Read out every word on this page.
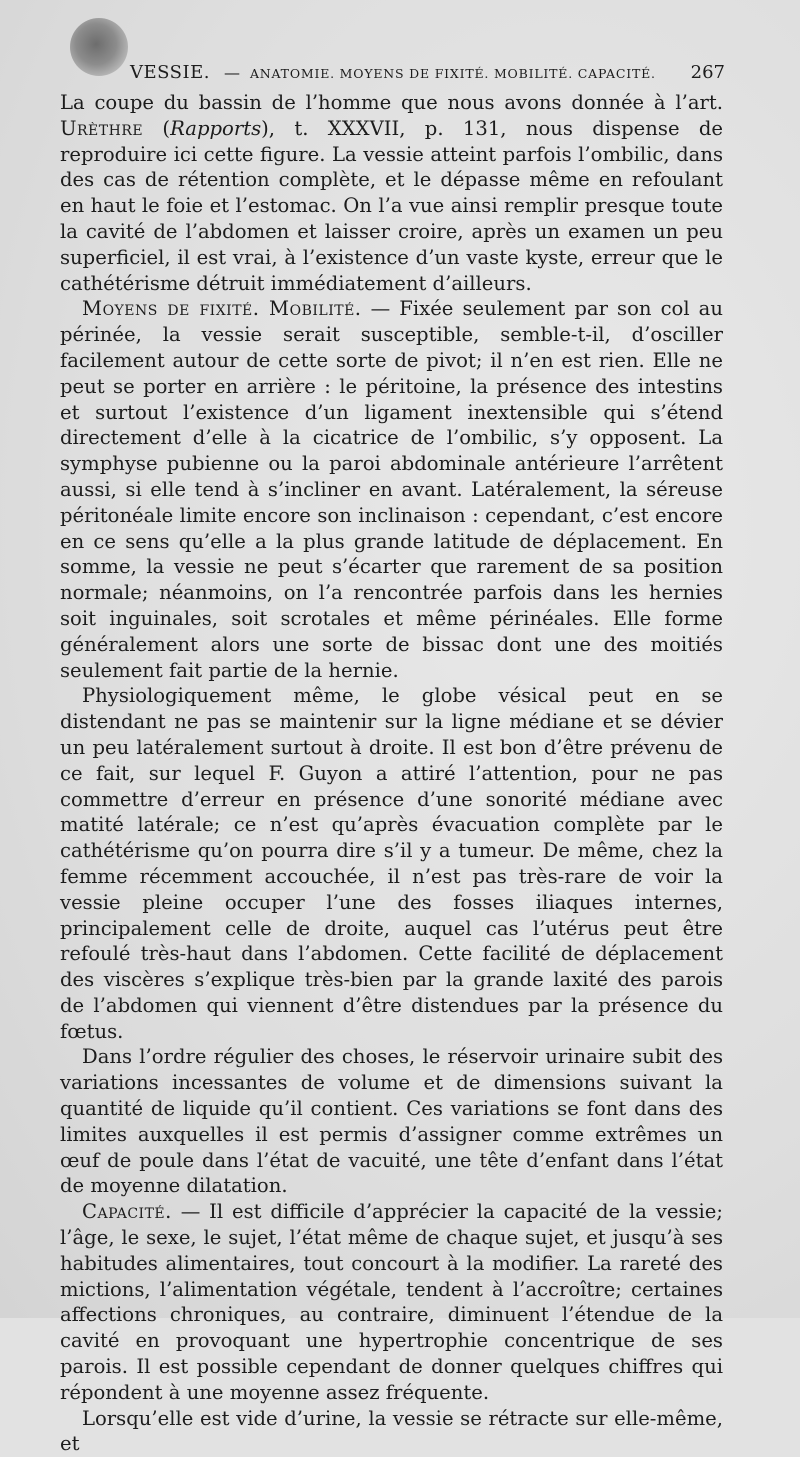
VESSIE. — ANATOMIE. MOYENS DE FIXITÉ. MOBILITÉ. CAPACITÉ. 267

La coupe du bassin de l’homme que nous avons donnée à l’art. Urèthre (Rapports), t. XXXVII, p. 131, nous dispense de reproduire ici cette figure. La vessie atteint parfois l’ombilic, dans des cas de rétention complète, et le dépasse même en refoulant en haut le foie et l’estomac. On l’a vue ainsi remplir presque toute la cavité de l’abdomen et laisser croire, après un examen un peu superficiel, il est vrai, à l’existence d’un vaste kyste, erreur que le cathétérisme détruit immédiatement d’ailleurs.

Moyens de fixité. Mobilité. — Fixée seulement par son col au périnée, la vessie serait susceptible, semble-t-il, d’osciller facilement autour de cette sorte de pivot; il n’en est rien. Elle ne peut se porter en arrière : le péritoine, la présence des intestins et surtout l’existence d’un ligament inextensible qui s’étend directement d’elle à la cicatrice de l’ombilic, s’y opposent. La symphyse pubienne ou la paroi abdominale antérieure l’arrêtent aussi, si elle tend à s’incliner en avant. Latéralement, la séreuse péritonéale limite encore son inclinaison : cependant, c’est encore en ce sens qu’elle a la plus grande latitude de déplacement. En somme, la vessie ne peut s’écarter que rarement de sa position normale; néanmoins, on l’a rencontrée parfois dans les hernies soit inguinales, soit scrotales et même périnéales. Elle forme généralement alors une sorte de bissac dont une des moitiés seulement fait partie de la hernie.

Physiologiquement même, le globe vésical peut en se distendant ne pas se maintenir sur la ligne médiane et se dévier un peu latéralement surtout à droite. Il est bon d’être prévenu de ce fait, sur lequel F. Guyon a attiré l’attention, pour ne pas commettre d’erreur en présence d’une sonorité médiane avec matité latérale; ce n’est qu’après évacuation complète par le cathétérisme qu’on pourra dire s’il y a tumeur. De même, chez la femme récemment accouchée, il n’est pas très-rare de voir la vessie pleine occuper l’une des fosses iliaques internes, principalement celle de droite, auquel cas l’utérus peut être refoulé très-haut dans l’abdomen. Cette facilité de déplacement des viscères s’explique très-bien par la grande laxité des parois de l’abdomen qui viennent d’être distendues par la présence du fœtus.

Dans l’ordre régulier des choses, le réservoir urinaire subit des variations incessantes de volume et de dimensions suivant la quantité de liquide qu’il contient. Ces variations se font dans des limites auxquelles il est permis d’assigner comme extrêmes un œuf de poule dans l’état de vacuité, une tête d’enfant dans l’état de moyenne dilatation.

Capacité. — Il est difficile d’apprécier la capacité de la vessie; l’âge, le sexe, le sujet, l’état même de chaque sujet, et jusqu’à ses habitudes alimentaires, tout concourt à la modifier. La rareté des mictions, l’alimentation végétale, tendent à l’accroître; certaines affections chroniques, au contraire, diminuent l’étendue de la cavité en provoquant une hypertrophie concentrique de ses parois. Il est possible cependant de donner quelques chiffres qui répondent à une moyenne assez fréquente.

Lorsqu’elle est vide d’urine, la vessie se rétracte sur elle-même, et
